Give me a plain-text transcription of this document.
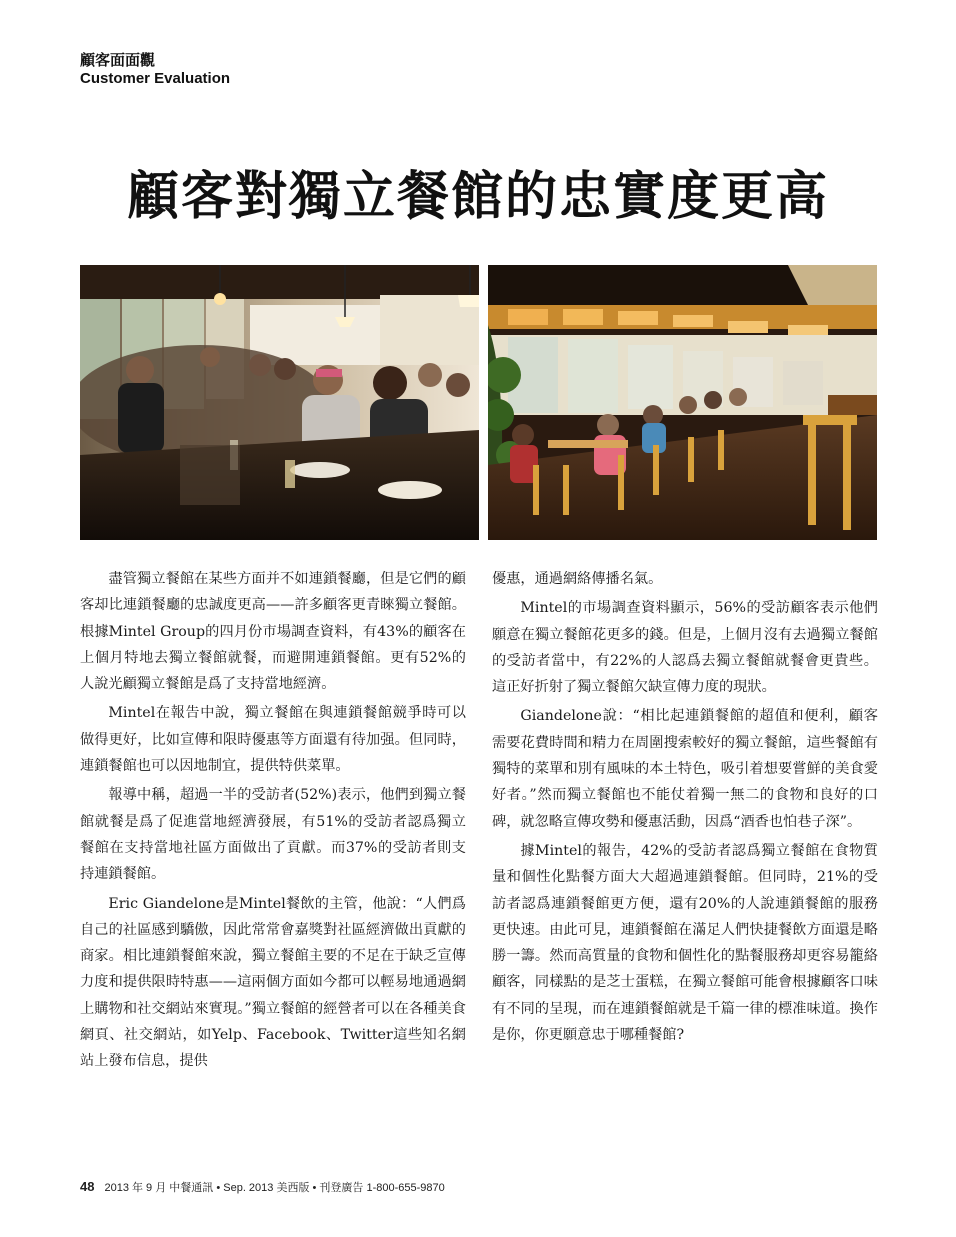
顧客面面觀
Customer Evaluation
顧客對獨立餐館的忠實度更高

盡管獨立餐館在某些方面并不如連鎖餐廳，但是它們的顧客却比連鎖餐廳的忠誠度更高——許多顧客更青睞獨立餐館。根據Mintel Group的四月份市場調查資料，有43%的顧客在上個月特地去獨立餐館就餐，而避開連鎖餐館。更有52%的人說光顧獨立餐館是爲了支持當地經濟。

Mintel在報告中說，獨立餐館在與連鎖餐館競爭時可以做得更好，比如宣傳和限時優惠等方面還有待加强。但同時，連鎖餐館也可以因地制宜，提供特供菜單。

報導中稱，超過一半的受訪者(52%)表示，他們到獨立餐館就餐是爲了促進當地經濟發展，有51%的受訪者認爲獨立餐館在支持當地社區方面做出了貢獻。而37%的受訪者則支持連鎖餐館。

Eric Giandelone是Mintel餐飲的主管，他說：“人們爲自己的社區感到驕傲，因此常常會嘉獎對社區經濟做出貢獻的商家。相比連鎖餐館來說，獨立餐館主要的不足在于缺乏宣傳力度和提供限時特惠——這兩個方面如今都可以輕易地通過網上購物和社交網站來實現。”獨立餐館的經營者可以在各種美食網頁、社交網站，如Yelp、Facebook、Twitter這些知名網站上發布信息，提供

優惠，通過網絡傳播名氣。

Mintel的市場調查資料顯示，56%的受訪顧客表示他們願意在獨立餐館花更多的錢。但是，上個月沒有去過獨立餐館的受訪者當中，有22%的人認爲去獨立餐館就餐會更貴些。這正好折射了獨立餐館欠缺宣傳力度的現狀。

Giandelone說：“相比起連鎖餐館的超值和便利，顧客需要花費時間和精力在周圍搜索較好的獨立餐館，這些餐館有獨特的菜單和別有風味的本土特色，吸引着想要嘗鮮的美食愛好者。”然而獨立餐館也不能仗着獨一無二的食物和良好的口碑，就忽略宣傳攻勢和優惠活動，因爲“酒香也怕巷子深”。

據Mintel的報告，42%的受訪者認爲獨立餐館在食物質量和個性化點餐方面大大超過連鎖餐館。但同時，21%的受訪者認爲連鎖餐館更方便，還有20%的人說連鎖餐館的服務更快速。由此可見，連鎖餐館在滿足人們快捷餐飲方面還是略勝一籌。然而高質量的食物和個性化的點餐服務却更容易籠絡顧客，同樣點的是芝士蛋糕，在獨立餐館可能會根據顧客口味有不同的呈現，而在連鎖餐館就是千篇一律的標准味道。換作是你，你更願意忠于哪種餐館?

48 2013 年 9 月 中餐通訊 • Sep. 2013 美西版 • 刊登廣告 1-800-655-9870
